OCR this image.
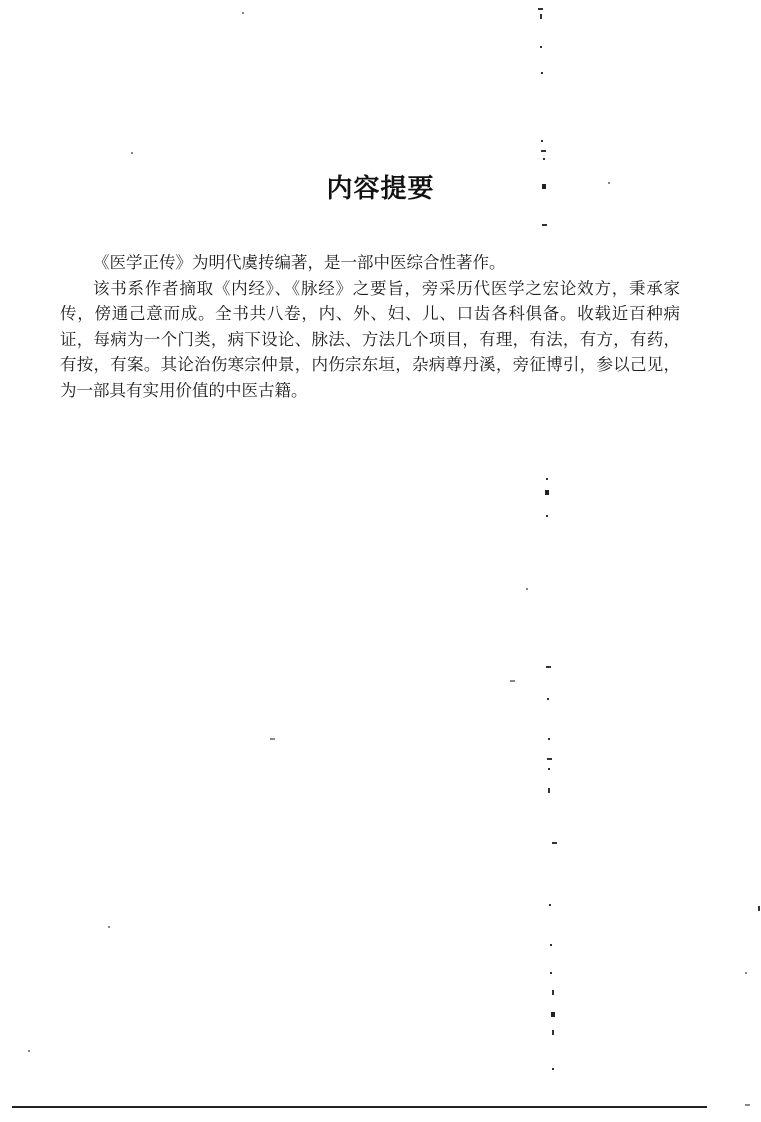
内容提要

《医学正传》为明代虞抟编著，是一部中医综合性著作。

该书系作者摘取《内经》、《脉经》之要旨，旁采历代医学之宏论效方，秉承家传，傍通己意而成。全书共八卷，内、外、妇、儿、口齿各科俱备。收载近百种病证，每病为一个门类，病下设论、脉法、方法几个项目，有理，有法，有方，有药，有按，有案。其论治伤寒宗仲景，内伤宗东垣，杂病尊丹溪，旁征博引，参以己见，为一部具有实用价值的中医古籍。
